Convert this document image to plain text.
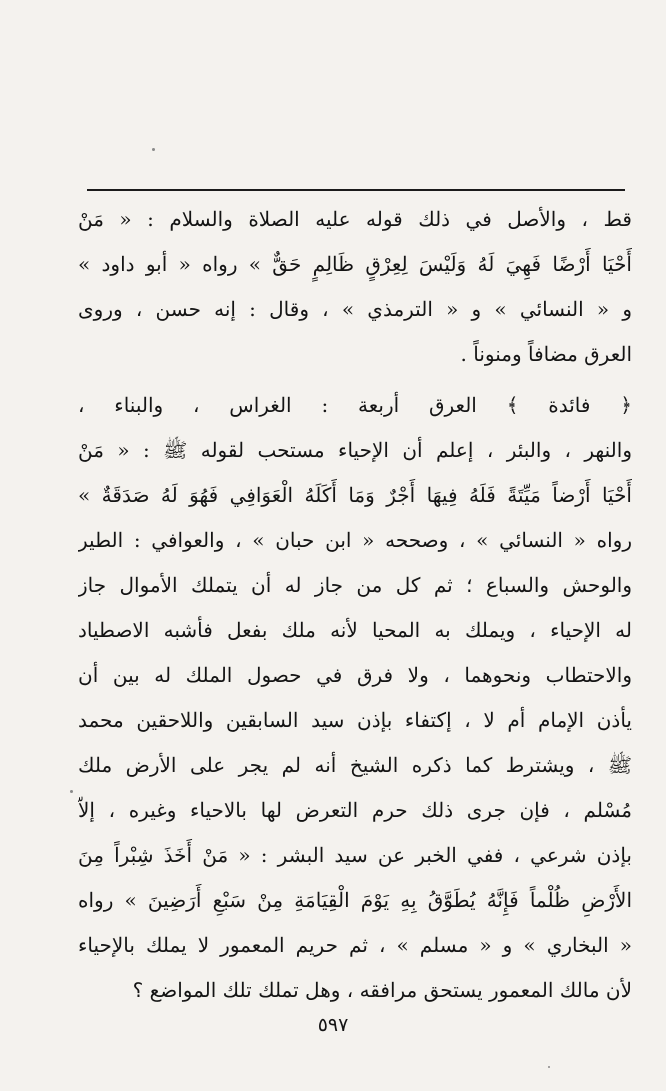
قط ، والأصل في ذلك قوله عليه الصلاة والسلام : « مَنْ
أَحْيَا أَرْضًا فَهِيَ لَهُ وَلَيْسَ لِعِرْقٍ ظَالِمٍ حَقٌّ » رواه « أبو داود »
و « النسائي » و « الترمذي » ، وقال : إنه حسن ، وروى
العرق مضافاً ومنوناً .
﴿ فائدة ﴾ العرق أربعة : الغراس ، والبناء ،
والنهر ، والبئر ، إعلم أن الإحياء مستحب لقوله ﷺ : « مَنْ
أَحْيَا أَرْضاً مَيِّتَةً فَلَهُ فِيهَا أَجْرٌ وَمَا أَكَلَهُ الْعَوَافِي فَهُوَ لَهُ صَدَقَةٌ »
رواه « النسائي » ، وصححه « ابن حبان » ، والعوافي : الطير
والوحش والسباع ؛ ثم كل من جاز له أن يتملك الأموال جاز
له الإحياء ، ويملك به المحيا لأنه ملك بفعل فأشبه الاصطياد
والاحتطاب ونحوهما ، ولا فرق في حصول الملك له بين أن
يأذن الإمام أم لا ، إكتفاء بإذن سيد السابقين واللاحقين محمد
ﷺ ، ويشترط كما ذكره الشيخ أنه لم يجر على الأرض ملك
مُسْلم ، فإن جرى ذلك حرم التعرض لها بالاحياء وغيره ، إلاّ
بإذن شرعي ، ففي الخبر عن سيد البشر : « مَنْ أَخَذَ شِبْراً مِنَ
الأَرْضِ ظُلْماً فَإِنَّهُ يُطَوَّقُ بِهِ يَوْمَ الْقِيَامَةِ مِنْ سَبْعِ أَرَضِينَ » رواه
« البخاري » و « مسلم » ، ثم حريم المعمور لا يملك بالإحياء
لأن مالك المعمور يستحق مرافقه ، وهل تملك تلك المواضع ؟
٥٩٧
